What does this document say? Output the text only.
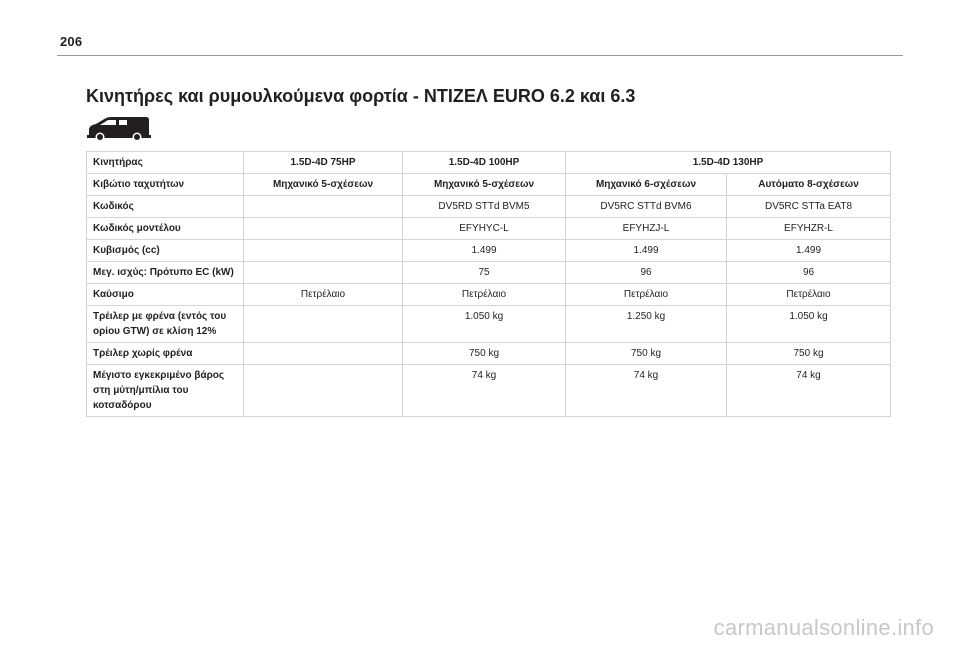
206
Κινητήρες και ρυμουλκούμενα φορτία - ΝΤΙΖΕΛ EURO 6.2 και 6.3
Κινητήρας	1.5D-4D 75HP	1.5D-4D 100HP	1.5D-4D 130HP	
Κιβώτιο ταχυτήτων	Μηχανικό 5-σχέσεων	Μηχανικό 5-σχέσεων	Μηχανικό 6-σχέσεων	Αυτόματο 8-σχέσεων
Κωδικός		DV5RD STTd BVM5	DV5RC STTd BVM6	DV5RC STTa EAT8
Κωδικός μοντέλου		EFYHYC-L	EFYHZJ-L	EFYHZR-L
Κυβισμός (cc)		1.499	1.499	1.499
Μεγ. ισχύς: Πρότυπο EC (kW)		75	96	96
Καύσιμο	Πετρέλαιο	Πετρέλαιο	Πετρέλαιο	Πετρέλαιο
Τρέιλερ με φρένα (εντός του ορίου GTW) σε κλίση 12%		1.050 kg	1.250 kg	1.050 kg
Τρέιλερ χωρίς φρένα		750 kg	750 kg	750 kg
Μέγιστο εγκεκριμένο βάρος στη μύτη/μπίλια του κοτσαδόρου		74 kg	74 kg	74 kg
carmanualsonline.info
